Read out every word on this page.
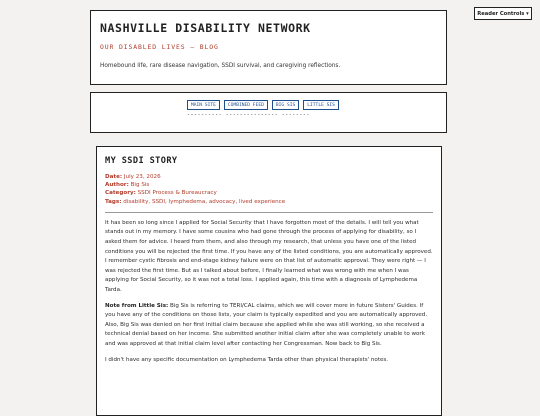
Reader Controls ▾
NASHVILLE DISABILITY NETWORK
OUR DISABLED LIVES – BLOG
Homebound life, rare disease navigation, SSDI survival, and caregiving reflections.
MAIN SITE	COMBINED FEED	BIG SIS	LITTLE SIS
---------- --------------- --------
MY SSDI STORY
Date: July 23, 2026
Author: Big Sis
Category: SSDI Process & Bureaucracy
Tags: disability, SSDI, lymphedema, advocacy, lived experience

It has been so long since I applied for Social Security that I have forgotten most of the details. I will tell you what stands out in my memory. I have some cousins who had gone through the process of applying for disability, so I asked them for advice. I heard from them, and also through my research, that unless you have one of the listed conditions you will be rejected the first time. If you have any of the listed conditions, you are automatically approved. I remember cystic fibrosis and end-stage kidney failure were on that list of automatic approval. They were right — I was rejected the first time. But as I talked about before, I finally learned what was wrong with me when I was applying for Social Security, so it was not a total loss. I applied again, this time with a diagnosis of Lymphedema Tarda.

Note from Little Sis: Big Sis is referring to TERI/CAL claims, which we will cover more in future Sisters' Guides. If you have any of the conditions on those lists, your claim is typically expedited and you are automatically approved. Also, Big Sis was denied on her first initial claim because she applied while she was still working, so she received a technical denial based on her income. She submitted another initial claim after she was completely unable to work and was approved at that initial claim level after contacting her Congressman. Now back to Big Sis.

I didn't have any specific documentation on Lymphedema Tarda other than physical therapists' notes.
